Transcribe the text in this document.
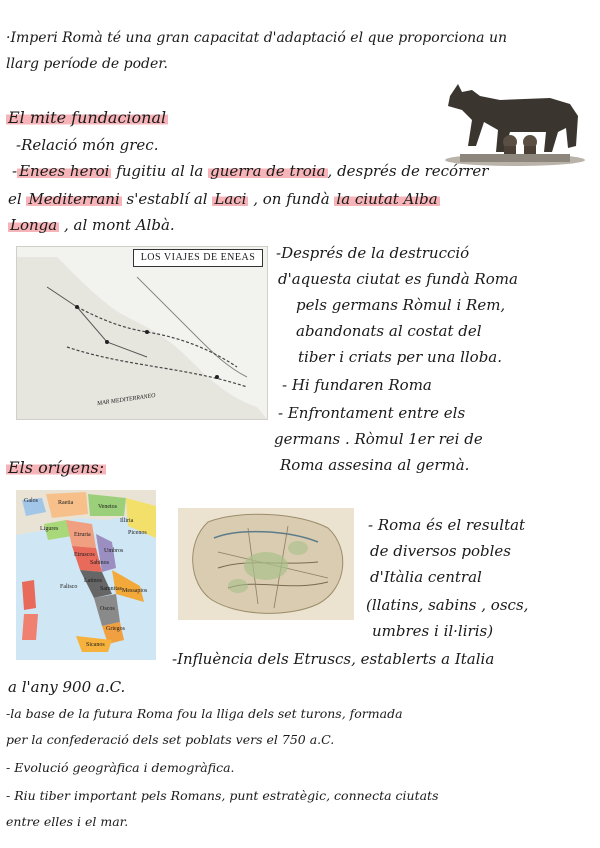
·Imperi Romà té una gran capacitat d'adaptació el que proporciona un
llarg període de poder.
El mite fundacional
-Relació món grec.
- Enees heroi fugitiu al la guerra de troia , després de recórrer
el Mediterrani s'establí al Laci , on fundà la ciutat Alba
Longa , al mont Albà.
LOS VIAJES DE ENEAS
MAR MEDITERRANEO
-Després de la destrucció
d'aquesta ciutat es fundà Roma
pels germans Ròmul i Rem,
abandonats al costat del
tiber i criats per una lloba.
- Hi fundaren Roma
- Enfrontament entre els
germans . Ròmul 1er rei de
Roma assesina al germà.
Els orígens:
Galos	Raetia
Venetos
Ligures
Etruria
Umbros
Picenos
Sabinos
Etruscos
Latinos
Falisco	Samnitas
Oscos
Messapios
Griegos
Sicanos
Illiria	- Roma és el resultat
de diversos pobles
d'Itàlia central
(llatins, sabins , oscs,
umbres i il·liris)
-Influència dels Etruscs, establerts a Italia
a l'any 900 a.C.
-la base de la futura Roma fou la lliga dels set turons, formada
per la confederació dels set poblats vers el 750 a.C.
- Evolució geogràfica i demogràfica.
- Riu tiber important pels Romans, punt estratègic, connecta ciutats
entre elles i el mar.
